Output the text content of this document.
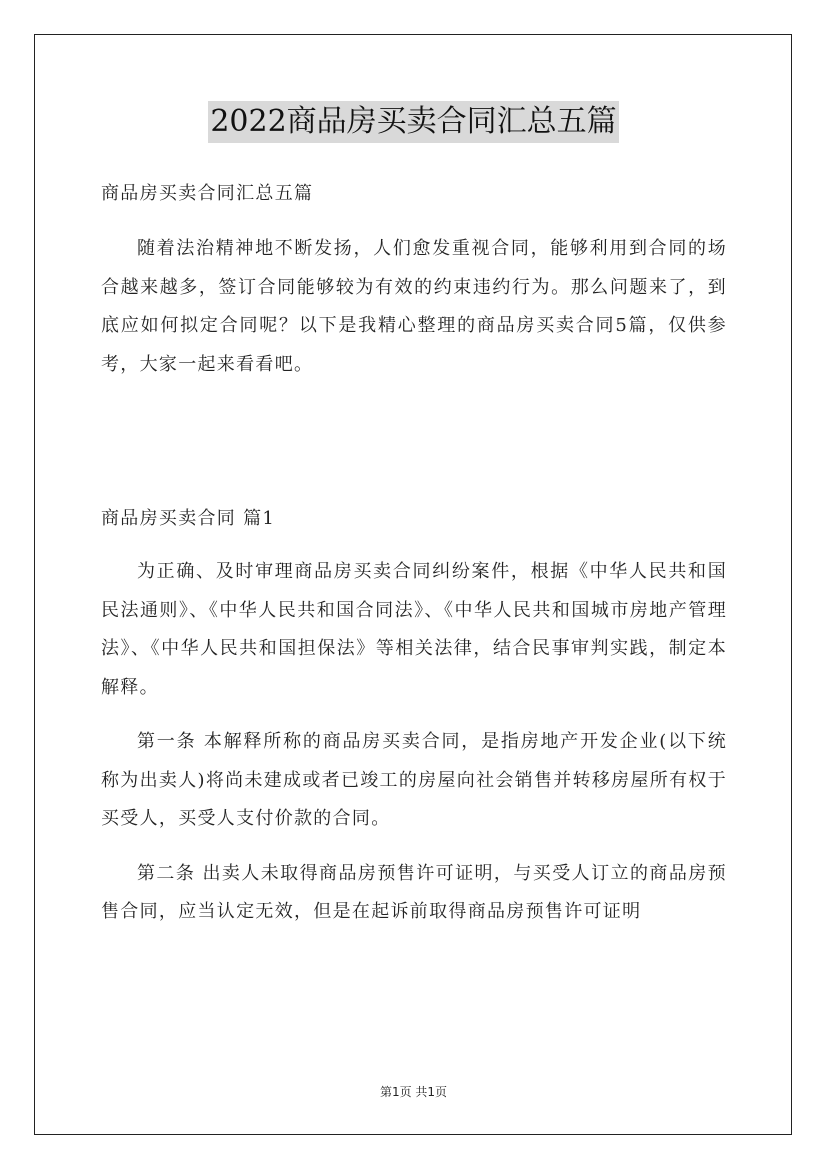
2022商品房买卖合同汇总五篇

商品房买卖合同汇总五篇

随着法治精神地不断发扬，人们愈发重视合同，能够利用到合同的场合越来越多，签订合同能够较为有效的约束违约行为。那么问题来了，到底应如何拟定合同呢？以下是我精心整理的商品房买卖合同5篇，仅供参考，大家一起来看看吧。

商品房买卖合同 篇1

为正确、及时审理商品房买卖合同纠纷案件，根据《中华人民共和国民法通则》、《中华人民共和国合同法》、《中华人民共和国城市房地产管理法》、《中华人民共和国担保法》等相关法律，结合民事审判实践，制定本解释。

第一条 本解释所称的商品房买卖合同，是指房地产开发企业(以下统称为出卖人)将尚未建成或者已竣工的房屋向社会销售并转移房屋所有权于买受人，买受人支付价款的合同。

第二条 出卖人未取得商品房预售许可证明，与买受人订立的商品房预售合同，应当认定无效，但是在起诉前取得商品房预售许可证明

第1页 共1页
